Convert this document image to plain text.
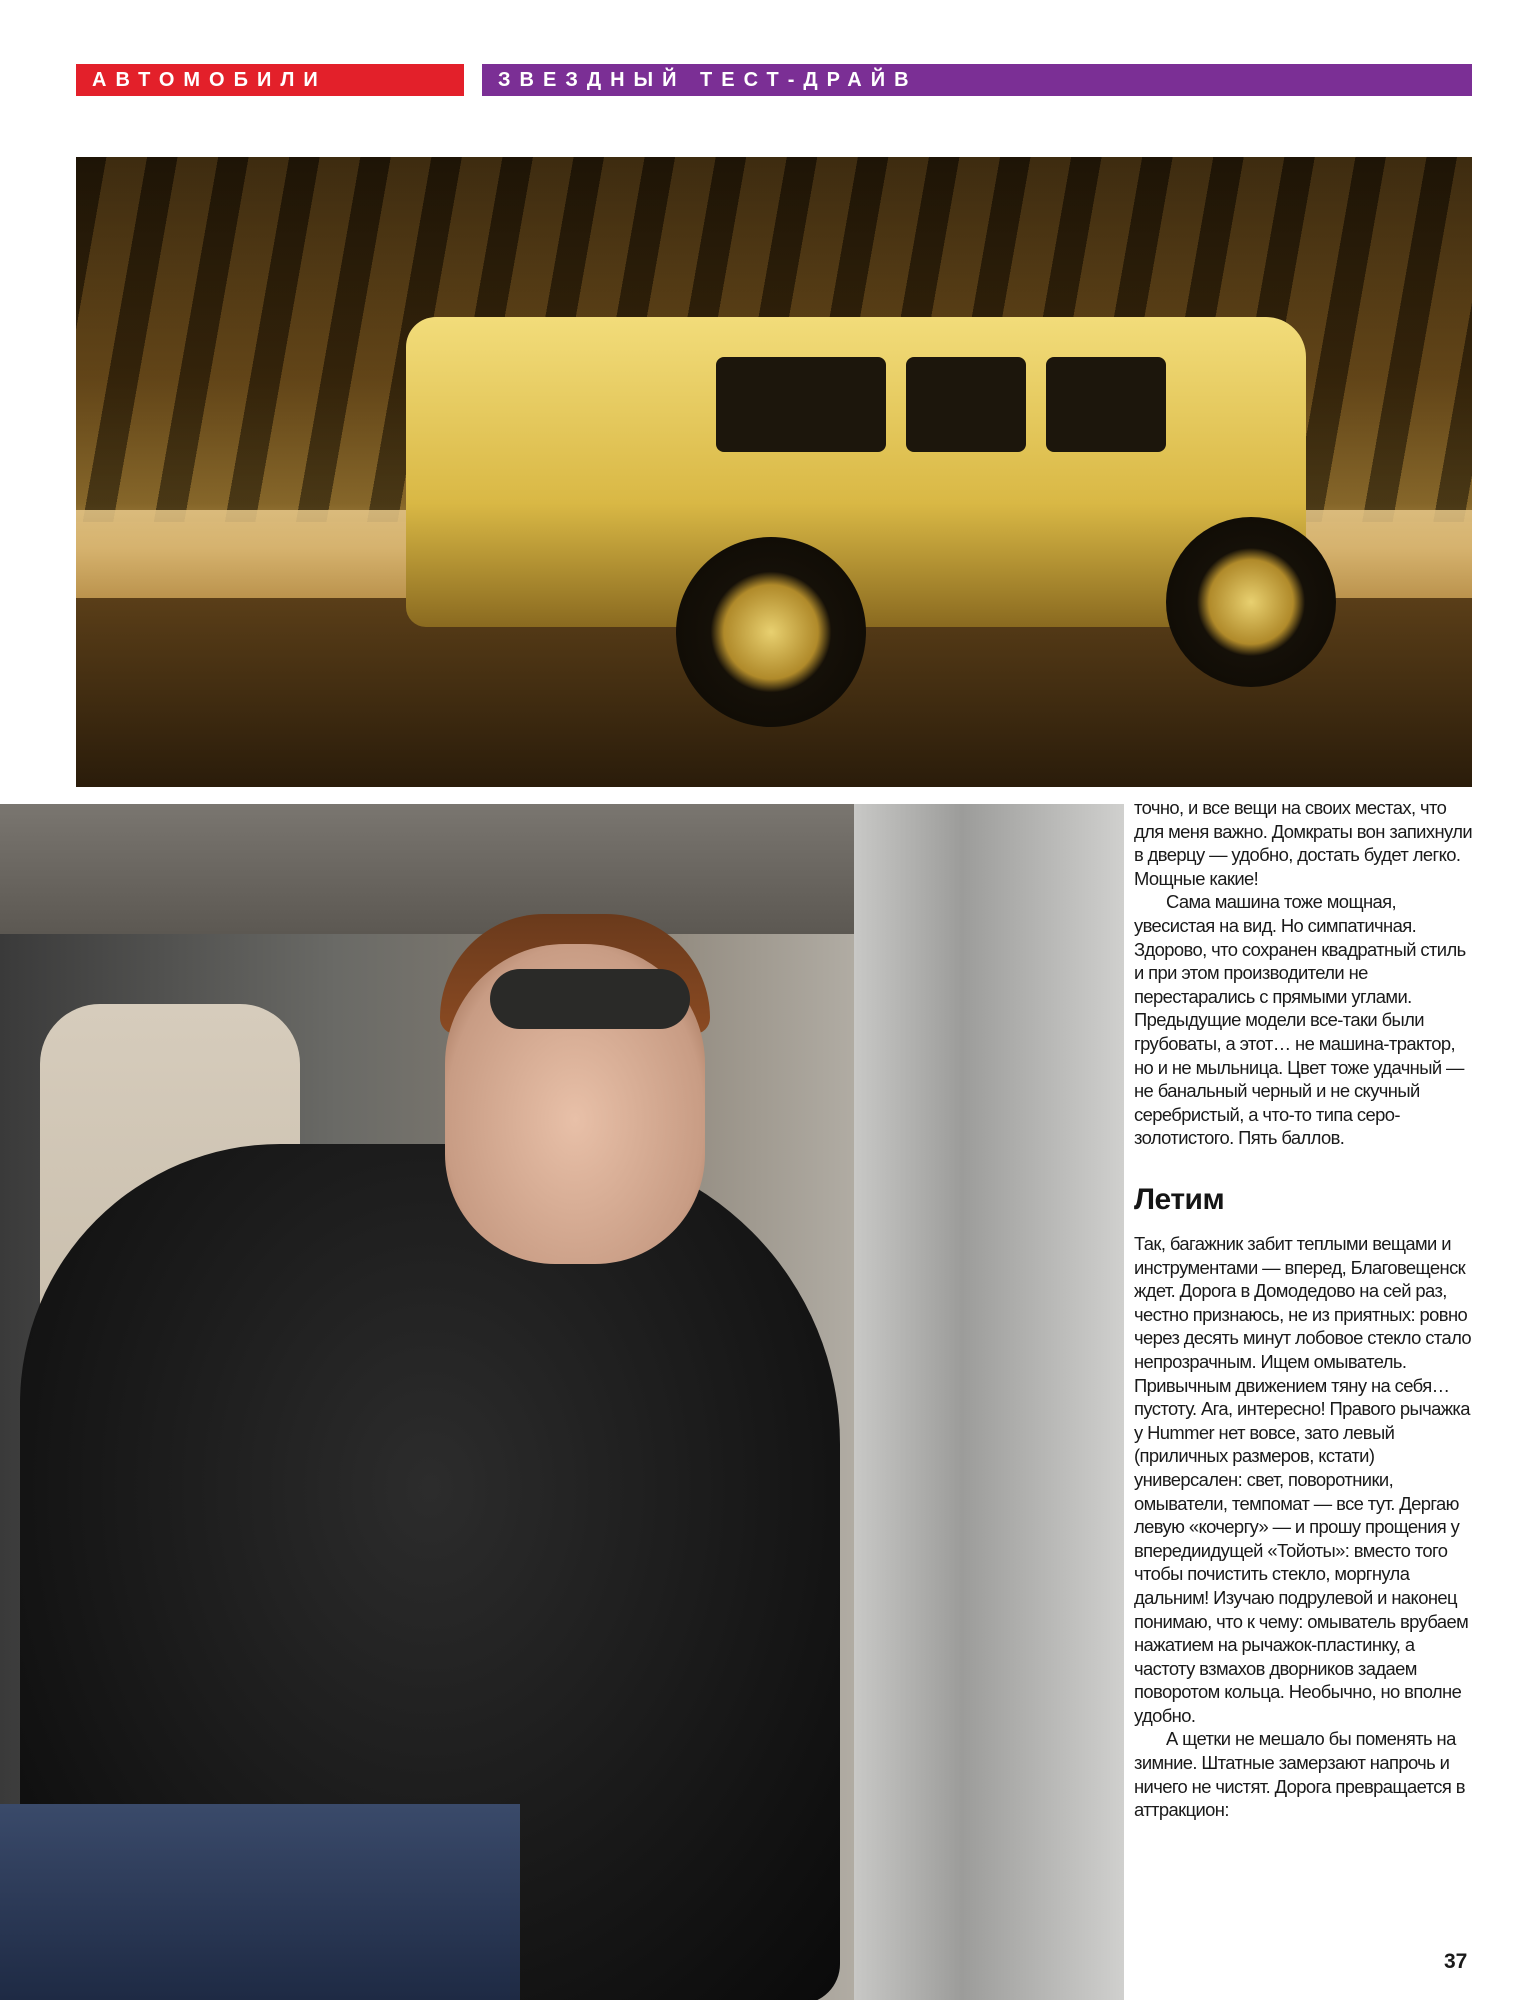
АВТОМОБИЛИ	ЗВЕЗДНЫЙ ТЕСТ-ДРАЙВ

точно, и все вещи на своих местах, что для меня важно. Домкраты вон запихнули в дверцу — удобно, достать будет легко. Мощные какие!

Сама машина тоже мощная, увесистая на вид. Но симпатичная. Здорово, что сохранен квадратный стиль и при этом производители не перестарались с прямыми углами. Предыдущие модели все-таки были грубоваты, а этот… не машина-трактор, но и не мыльница. Цвет тоже удачный — не банальный черный и не скучный серебристый, а что-то типа серо-золотистого. Пять баллов.

Летим

Так, багажник забит теплыми вещами и инструментами — вперед, Благовещенск ждет. Дорога в Домодедово на сей раз, честно признаюсь, не из приятных: ровно через десять минут лобовое стекло стало непрозрачным. Ищем омыватель. Привычным движением тяну на себя… пустоту. Ага, интересно! Правого рычажка у Hummer нет вовсе, зато левый (приличных размеров, кстати) универсален: свет, поворотники, омыватели, темпомат — все тут. Дергаю левую «кочергу» — и прошу прощения у впередиидущей «Тойоты»: вместо того чтобы почистить стекло, моргнула дальним! Изучаю подрулевой и наконец понимаю, что к чему: омыватель врубаем нажатием на рычажок-пластинку, а частоту взмахов дворников задаем поворотом кольца. Необычно, но вполне удобно.

А щетки не мешало бы поменять на зимние. Штатные замерзают напрочь и ничего не чистят. Дорога превращается в аттракцион:

37
